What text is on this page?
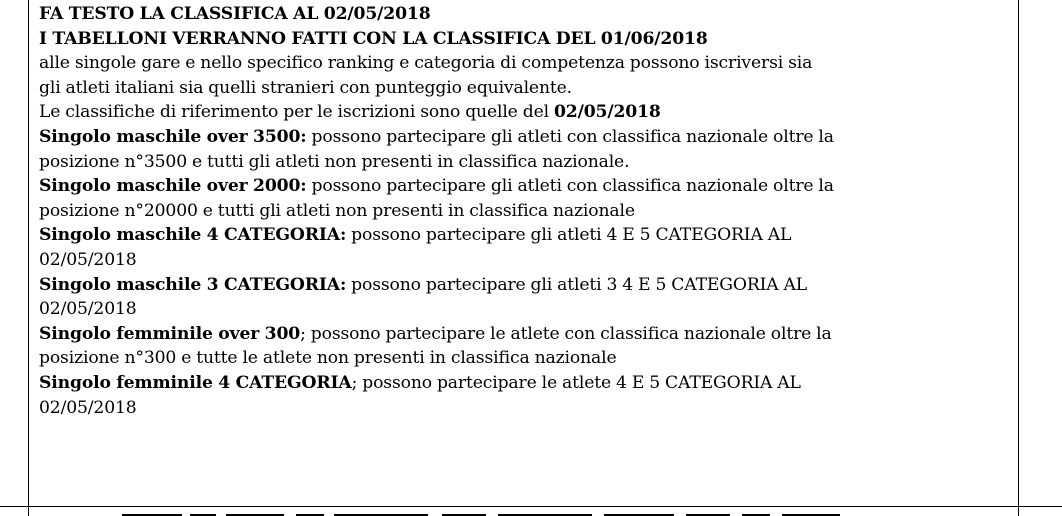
FA TESTO LA CLASSIFICA AL 02/05/2018
I TABELLONI VERRANNO FATTI CON LA CLASSIFICA DEL 01/06/2018
alle singole gare e nello specifico ranking e categoria di competenza possono iscriversi sia
gli atleti italiani sia quelli stranieri con punteggio equivalente.
Le classifiche di riferimento per le iscrizioni sono quelle del 02/05/2018
Singolo maschile over 3500: possono partecipare gli atleti con classifica nazionale oltre la
posizione n°3500 e tutti gli atleti non presenti in classifica nazionale.
Singolo maschile over 2000: possono partecipare gli atleti con classifica nazionale oltre la
posizione n°20000 e tutti gli atleti non presenti in classifica nazionale
Singolo maschile 4 CATEGORIA: possono partecipare gli atleti 4 E 5 CATEGORIA AL
02/05/2018
Singolo maschile 3 CATEGORIA: possono partecipare gli atleti 3 4 E 5 CATEGORIA AL
02/05/2018
Singolo femminile over 300; possono partecipare le atlete con classifica nazionale oltre la
posizione n°300 e tutte le atlete non presenti in classifica nazionale
Singolo femminile 4 CATEGORIA; possono partecipare le atlete 4 E 5 CATEGORIA AL
02/05/2018
